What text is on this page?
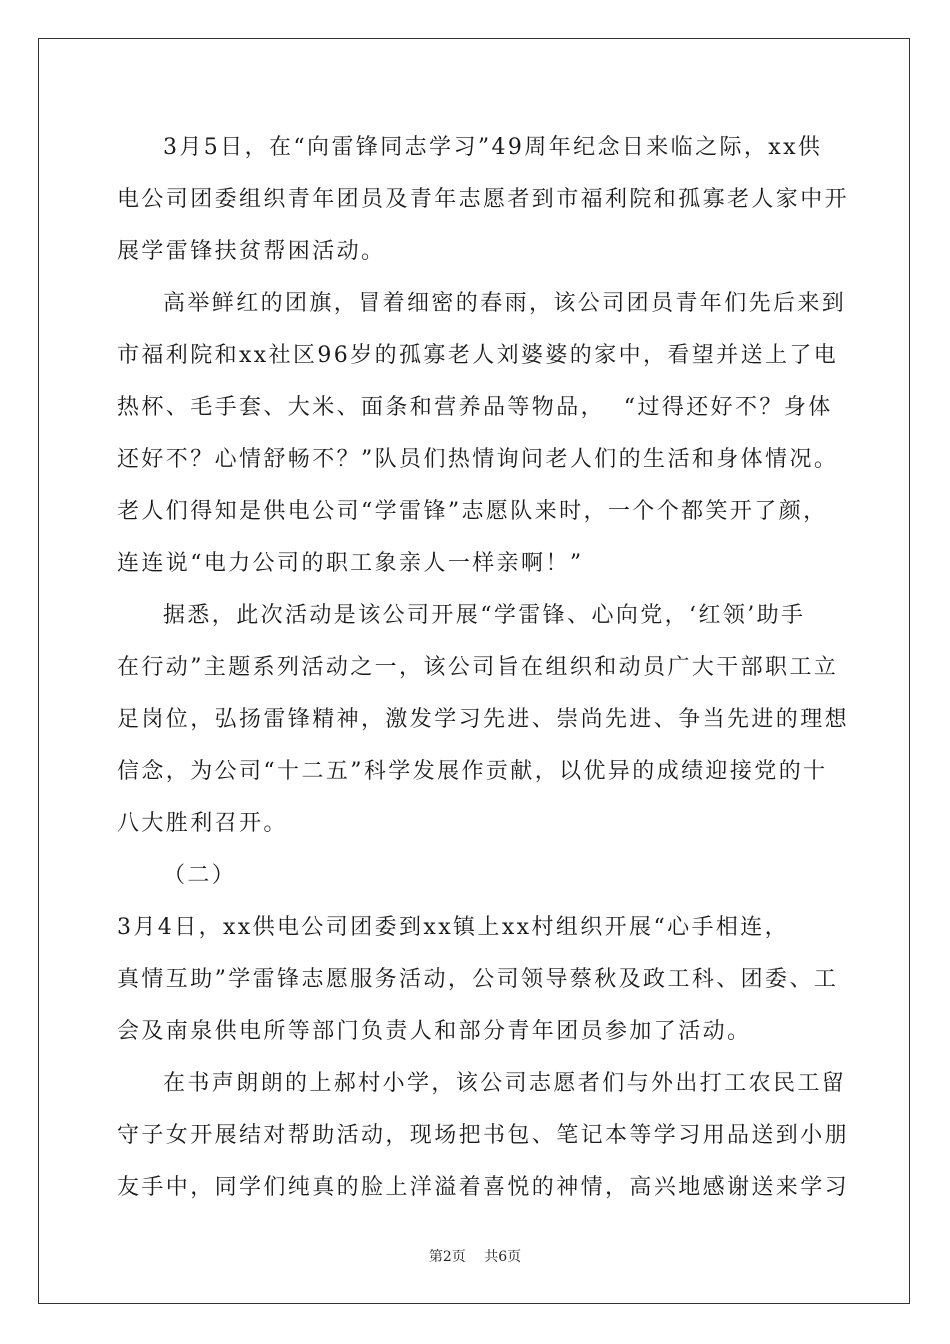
3月5日，在“向雷锋同志学习”49周年纪念日来临之际，xx供
电公司团委组织青年团员及青年志愿者到市福利院和孤寡老人家中开
展学雷锋扶贫帮困活动。
高举鲜红的团旗，冒着细密的春雨，该公司团员青年们先后来到
市福利院和xx社区96岁的孤寡老人刘婆婆的家中，看望并送上了电
热杯、毛手套、大米、面条和营养品等物品，  “过得还好不？身体
还好不？心情舒畅不？”队员们热情询问老人们的生活和身体情况。
老人们得知是供电公司“学雷锋”志愿队来时，一个个都笑开了颜，
连连说“电力公司的职工象亲人一样亲啊！”
据悉，此次活动是该公司开展“学雷锋、心向党，‘红领’助手
在行动”主题系列活动之一，该公司旨在组织和动员广大干部职工立
足岗位，弘扬雷锋精神，激发学习先进、崇尚先进、争当先进的理想
信念，为公司“十二五”科学发展作贡献，以优异的成绩迎接党的十
八大胜利召开。
（二）
3月4日，xx供电公司团委到xx镇上xx村组织开展“心手相连，
真情互助”学雷锋志愿服务活动，公司领导蔡秋及政工科、团委、工
会及南泉供电所等部门负责人和部分青年团员参加了活动。
在书声朗朗的上郝村小学，该公司志愿者们与外出打工农民工留
守子女开展结对帮助活动，现场把书包、笔记本等学习用品送到小朋
友手中，同学们纯真的脸上洋溢着喜悦的神情，高兴地感谢送来学习
第2页 共6页
